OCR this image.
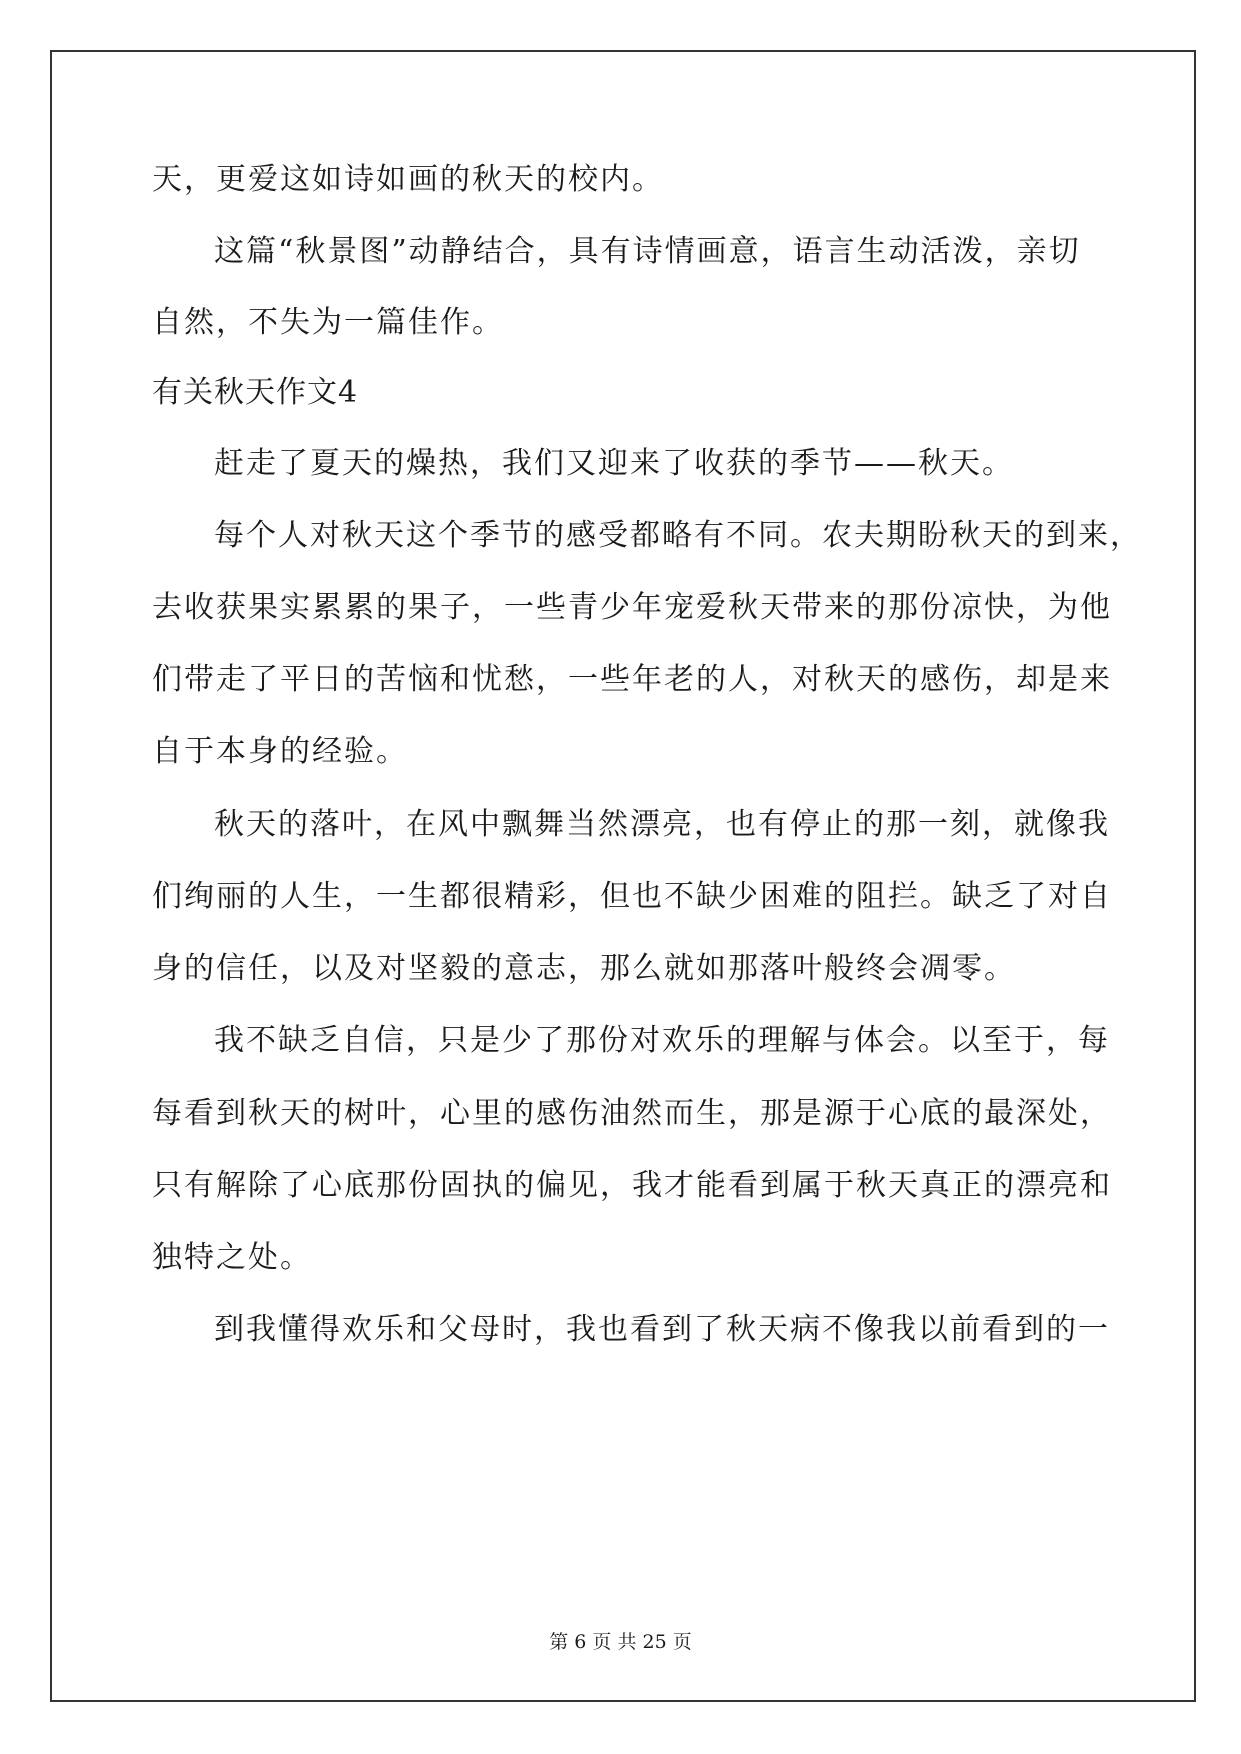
天，更爱这如诗如画的秋天的校内。
这篇“秋景图”动静结合，具有诗情画意，语言生动活泼，亲切
自然，不失为一篇佳作。
有关秋天作文4
赶走了夏天的燥热，我们又迎来了收获的季节——秋天。
每个人对秋天这个季节的感受都略有不同。农夫期盼秋天的到来，
去收获果实累累的果子，一些青少年宠爱秋天带来的那份凉快，为他
们带走了平日的苦恼和忧愁，一些年老的人，对秋天的感伤，却是来
自于本身的经验。
秋天的落叶，在风中飘舞当然漂亮，也有停止的那一刻，就像我
们绚丽的人生，一生都很精彩，但也不缺少困难的阻拦。缺乏了对自
身的信任，以及对坚毅的意志，那么就如那落叶般终会凋零。
我不缺乏自信，只是少了那份对欢乐的理解与体会。以至于，每
每看到秋天的树叶，心里的感伤油然而生，那是源于心底的最深处，
只有解除了心底那份固执的偏见，我才能看到属于秋天真正的漂亮和
独特之处。
到我懂得欢乐和父母时，我也看到了秋天病不像我以前看到的一
第 6 页 共 25 页
